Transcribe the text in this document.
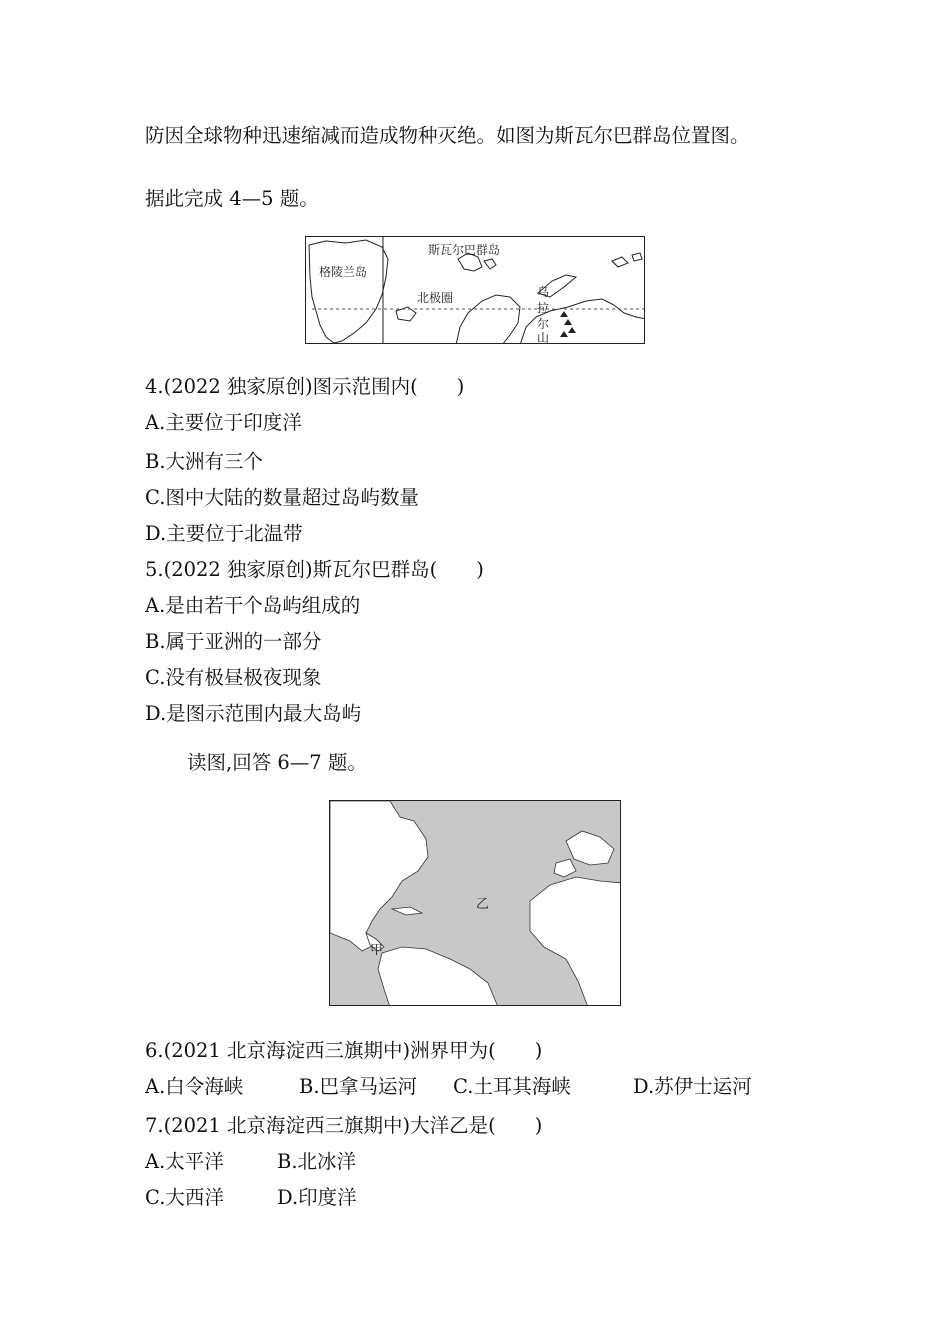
防因全球物种迅速缩减而造成物种灭绝。如图为斯瓦尔巴群岛位置图。
据此完成 4—5 题。
斯瓦尔巴群岛
格陵兰岛
北极圈	乌
拉
尔
山
4.(2022 独家原创)图示范围内(　　)
A.主要位于印度洋
B.大洲有三个
C.图中大陆的数量超过岛屿数量
D.主要位于北温带
5.(2022 独家原创)斯瓦尔巴群岛(　　)
A.是由若干个岛屿组成的
B.属于亚洲的一部分
C.没有极昼极夜现象
D.是图示范围内最大岛屿
读图,回答 6—7 题。
乙
甲
6.(2021 北京海淀西三旗期中)洲界甲为(　　)
A.白令海峡	B.巴拿马运河 C.土耳其海峡	D.苏伊士运河
7.(2021 北京海淀西三旗期中)大洋乙是(　　)
A.太平洋	B.北冰洋
C.大西洋	D.印度洋
